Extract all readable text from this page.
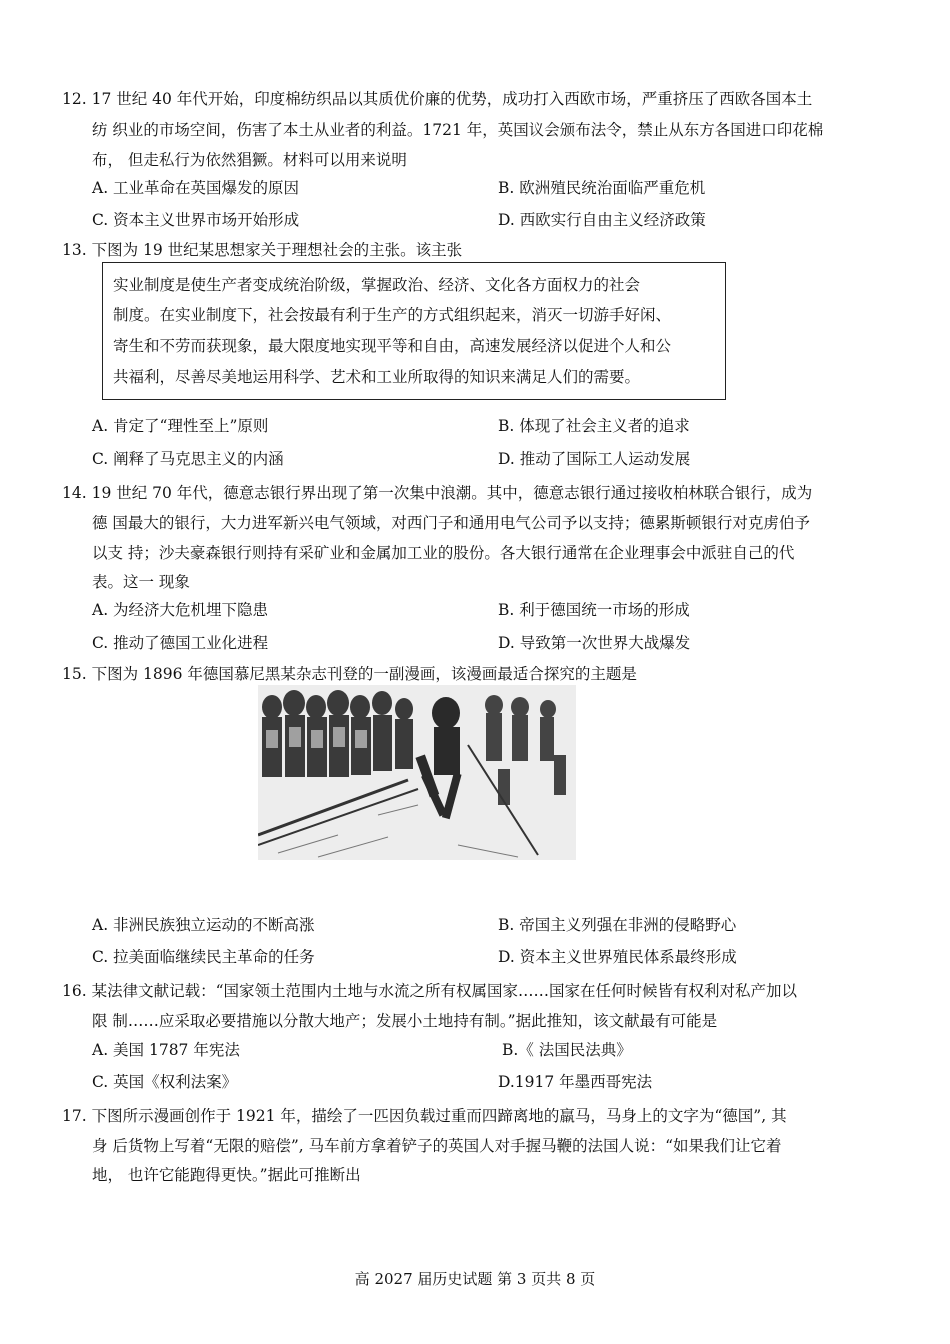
12. 17 世纪 40 年代开始，印度棉纺织品以其质优价廉的优势，成功打入西欧市场，严重挤压了西欧各国本土
纺 织业的市场空间，伤害了本土从业者的利益。1721 年，英国议会颁布法令，禁止从东方各国进口印花棉
布， 但走私行为依然猖獗。材料可以用来说明
A. 工业革命在英国爆发的原因	B. 欧洲殖民统治面临严重危机
C. 资本主义世界市场开始形成	D. 西欧实行自由主义经济政策
13. 下图为 19 世纪某思想家关于理想社会的主张。该主张
实业制度是使生产者变成统治阶级，掌握政治、经济、文化各方面权力的社会
制度。在实业制度下，社会按最有利于生产的方式组织起来，消灭一切游手好闲、
寄生和不劳而获现象，最大限度地实现平等和自由，高速发展经济以促进个人和公
共福利，尽善尽美地运用科学、艺术和工业所取得的知识来满足人们的需要。
A. 肯定了“理性至上”原则	B. 体现了社会主义者的追求
C. 阐释了马克思主义的内涵	D. 推动了国际工人运动发展
14. 19 世纪 70 年代，德意志银行界出现了第一次集中浪潮。其中，德意志银行通过接收柏林联合银行，成为
德 国最大的银行，大力进军新兴电气领域，对西门子和通用电气公司予以支持；德累斯顿银行对克虏伯予
以支 持；沙夫豪森银行则持有采矿业和金属加工业的股份。各大银行通常在企业理事会中派驻自己的代
表。这一 现象
A. 为经济大危机埋下隐患	B. 利于德国统一市场的形成
C. 推动了德国工业化进程	D. 导致第一次世界大战爆发
15. 下图为 1896 年德国慕尼黑某杂志刊登的一副漫画，该漫画最适合探究的主题是
A. 非洲民族独立运动的不断高涨	B. 帝国主义列强在非洲的侵略野心
C. 拉美面临继续民主革命的任务	D. 资本主义世界殖民体系最终形成
16. 某法律文献记载：“国家领土范围内土地与水流之所有权属国家……国家在任何时候皆有权利对私产加以
限 制……应采取必要措施以分散大地产；发展小土地持有制。”据此推知，该文献最有可能是
A. 美国 1787 年宪法	B.《 法国民法典》
C. 英国《权利法案》	D.1917 年墨西哥宪法
17. 下图所示漫画创作于 1921 年，描绘了一匹因负载过重而四蹄离地的羸马，马身上的文字为“德国”, 其
身 后货物上写着“无限的赔偿”, 马车前方拿着铲子的英国人对手握马鞭的法国人说：“如果我们让它着
地， 也许它能跑得更快。”据此可推断出
高 2027 届历史试题 第 3 页共 8 页
